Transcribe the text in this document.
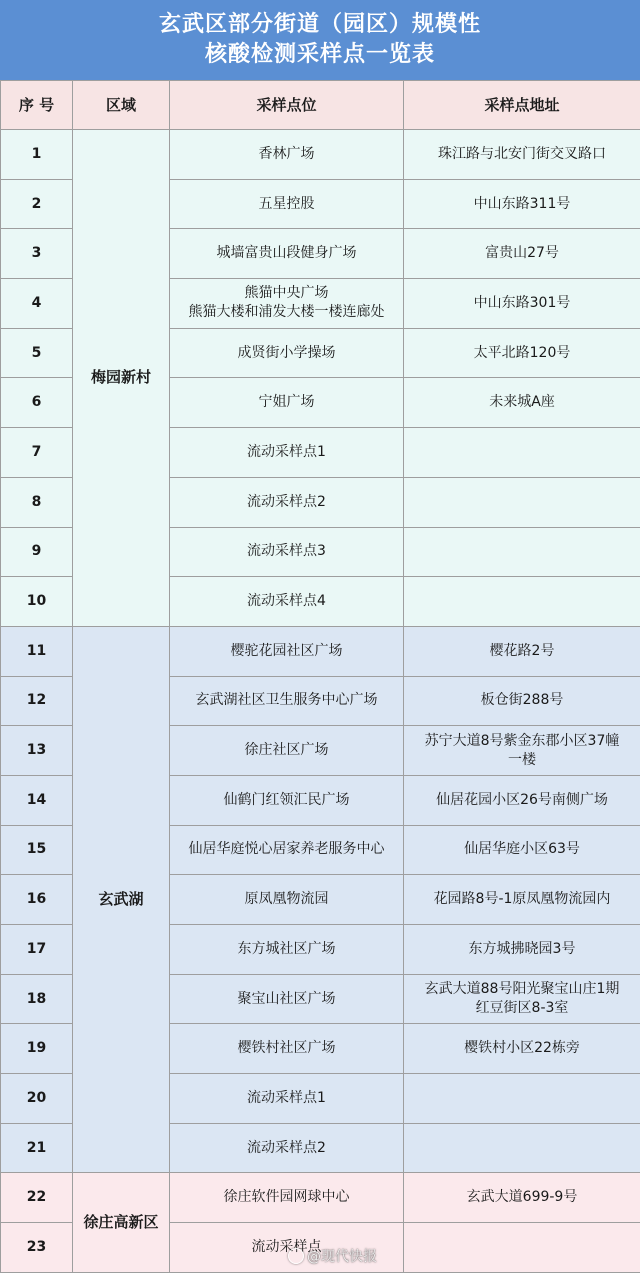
玄武区部分街道（园区）规模性
核酸检测采样点一览表
序 号	区域	采样点位	采样点地址
1	梅园新村	香林广场	珠江路与北安门街交叉路口
2		五星控股	中山东路311号
3		城墙富贵山段健身广场	富贵山27号
4		熊猫中央广场
熊猫大楼和浦发大楼一楼连廊处	中山东路301号
5		成贤街小学操场	太平北路120号
6		宁姐广场	未来城A座
7		流动采样点1	
8		流动采样点2	
9		流动采样点3	
10		流动采样点4	
11	玄武湖	樱驼花园社区广场	樱花路2号
12		玄武湖社区卫生服务中心广场	板仓街288号
13		徐庄社区广场	苏宁大道8号紫金东郡小区37幢
一楼
14		仙鹤门红领汇民广场	仙居花园小区26号南侧广场
15		仙居华庭悦心居家养老服务中心	仙居华庭小区63号
16		原凤凰物流园	花园路8号-1原凤凰物流园内
17		东方城社区广场	东方城拂晓园3号
18		聚宝山社区广场	玄武大道88号阳光聚宝山庄1期
红豆街区8-3室
19		樱铁村社区广场	樱铁村小区22栋旁
20		流动采样点1	
21		流动采样点2	
22	徐庄高新区	徐庄软件园网球中心	玄武大道699-9号
23		流动采样点	
@现代快报
